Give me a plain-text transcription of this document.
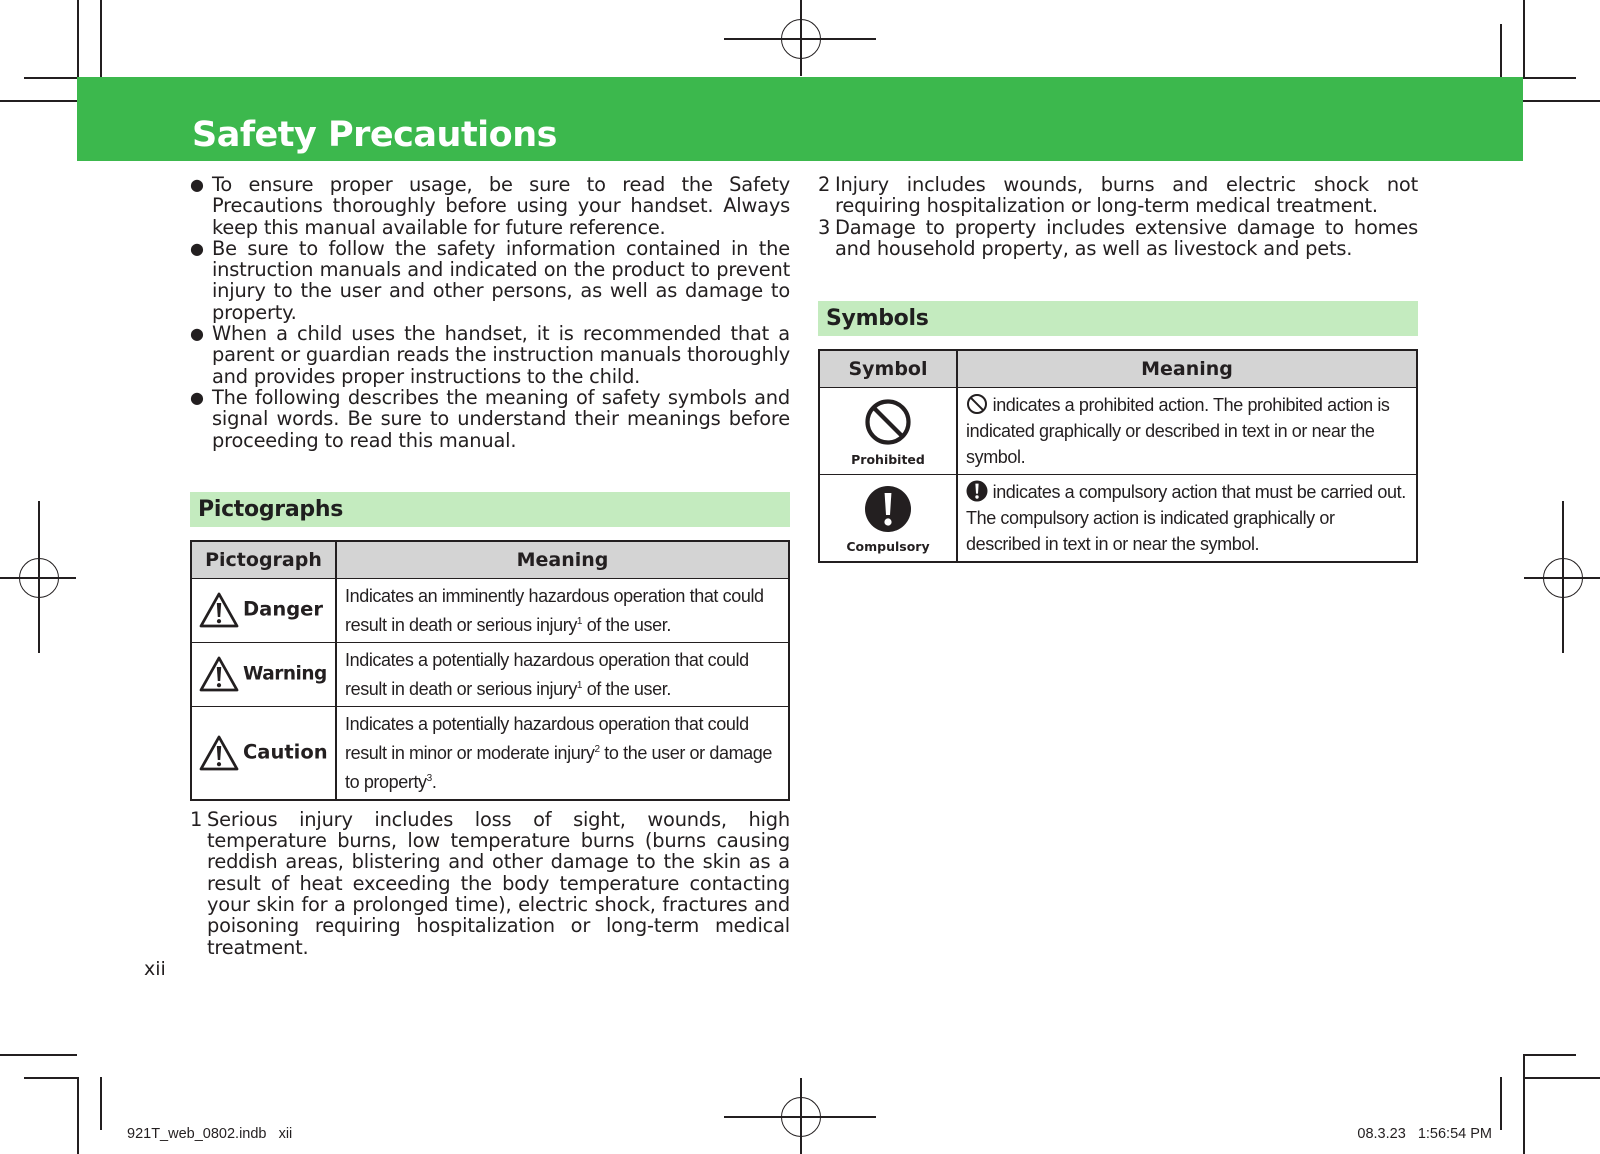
Safety Precautions
● To ensure proper usage, be sure to read the Safety Precautions thoroughly before using your handset. Always keep this manual available for future reference.
● Be sure to follow the safety information contained in the instruction manuals and indicated on the product to prevent injury to the user and other persons, as well as damage to property.
● When a child uses the handset, it is recommended that a parent or guardian reads the instruction manuals thoroughly and provides proper instructions to the child.
● The following describes the meaning of safety symbols and signal words. Be sure to understand their meanings before proceeding to read this manual.
Pictographs
Pictograph	Meaning
Danger	Indicates an imminently hazardous operation that could result in death or serious injury$^1$ of the user.
Warning	Indicates a potentially hazardous operation that could result in death or serious injury$^1$ of the user.
Caution	Indicates a potentially hazardous operation that could result in minor or moderate injury$^2$ to the user or damage to property$^3$.
1 Serious injury includes loss of sight, wounds, high temperature burns, low temperature burns (burns causing reddish areas, blistering and other damage to the skin as a result of heat exceeding the body temperature contacting your skin for a prolonged time), electric shock, fractures and poisoning requiring hospitalization or long-term medical treatment.
2 Injury includes wounds, burns and electric shock not requiring hospitalization or long-term medical treatment.
3 Damage to property includes extensive damage to homes and household property, as well as livestock and pets.
Symbols
Symbol	Meaning

Prohibited	indicates a prohibited action. The prohibited action is indicated graphically or described in text in or near the symbol.

Compulsory	indicates a compulsory action that must be carried out. The compulsory action is indicated graphically or described in text in or near the symbol.
xii
921T_web_0802.indb   xii	08.3.23   1:56:54 PM
